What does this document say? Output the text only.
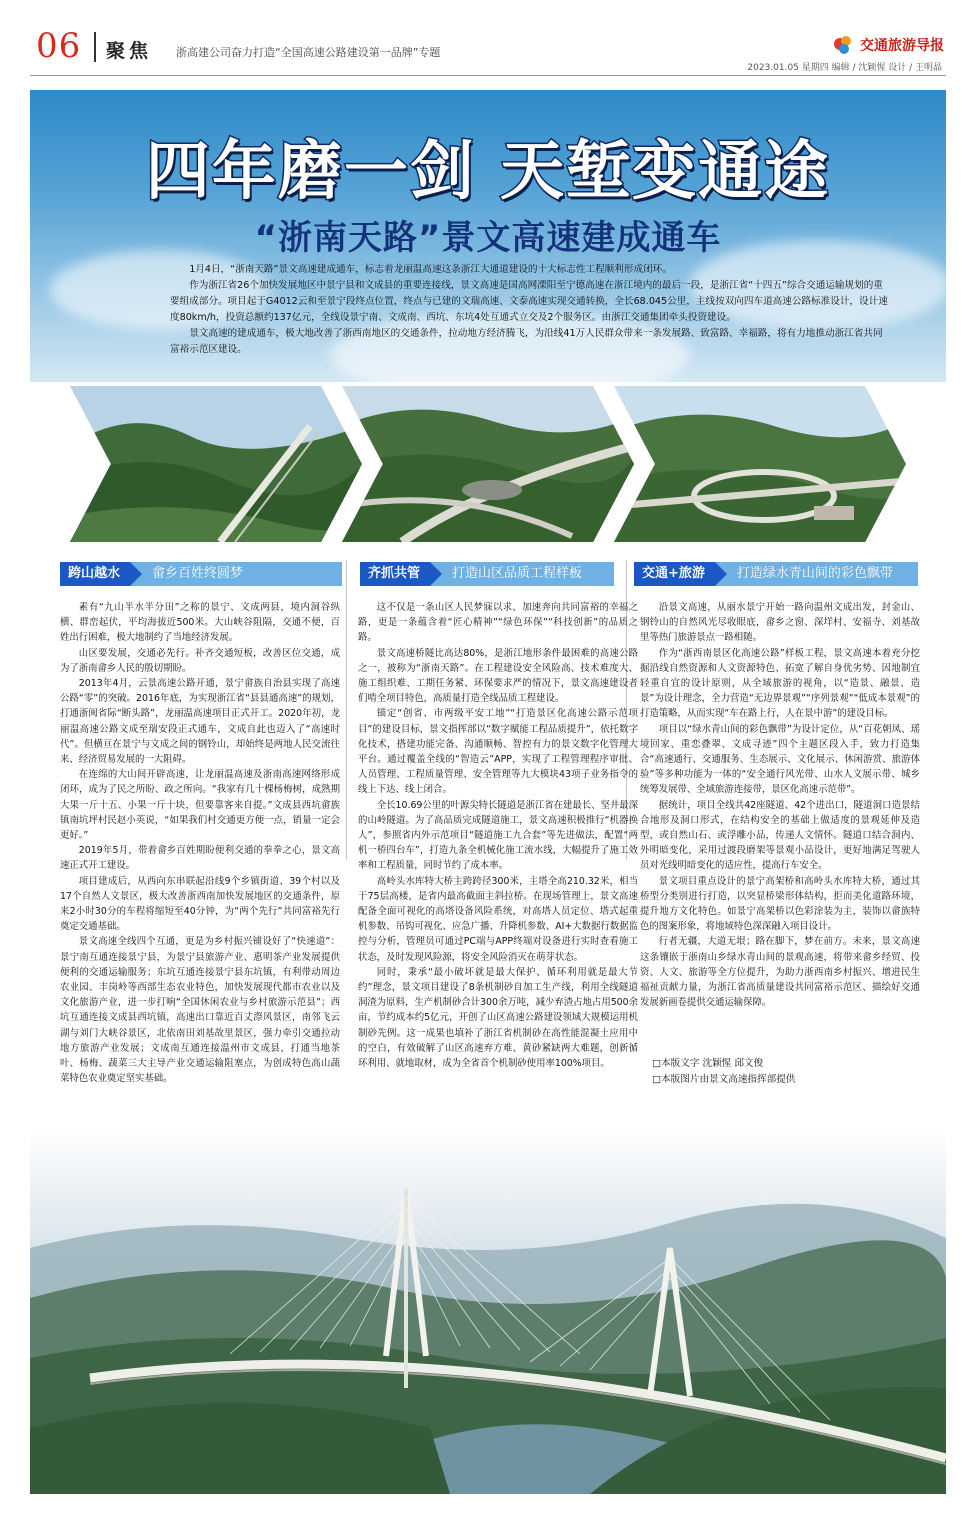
06 聚焦 浙高建公司奋力打造“全国高速公路建设第一品牌”专题	交通旅游导报
2023.01.05 星期四 编辑 / 沈颖惺 设计 / 王明晶
四年磨一剑 天堑变通途
“浙南天路”景文高速建成通车

1月4日，“浙南天路”景文高速建成通车，标志着龙丽温高速这条浙江大通道建设的十大标志性工程顺利形成闭环。

作为浙江省26个加快发展地区中景宁县和文成县的重要连接线，景文高速是国高网溧阳至宁德高速在浙江境内的最后一段，是浙江省“十四五”综合交通运输规划的重要组成部分。项目起于G4012云和至景宁段终点位置，终点与已建的文瑞高速、文泰高速实现交通转换，全长68.045公里，主线按双向四车道高速公路标准设计，设计速度80km/h，投资总额约137亿元，全线设景宁南、文成南、西坑、东坑4处互通式立交及2个服务区。由浙江交通集团牵头投资建设。

景文高速的建成通车，极大地改善了浙西南地区的交通条件，拉动地方经济腾飞，为沿线41万人民群众带来一条发展路、致富路、幸福路，将有力地推动浙江省共同富裕示范区建设。

跨山越水	畲乡百姓终圆梦	齐抓共管	打造山区品质工程样板	交通+旅游	打造绿水青山间的彩色飘带

素有“九山半水半分田”之称的景宁、文成两县，境内洞谷纵横、群峦起伏，平均海拔近500米。大山峡谷阻隔，交通不便，百姓出行困难，极大地制约了当地经济发展。

山区要发展，交通必先行。补齐交通短板，改善区位交通，成为了浙南畲乡人民的殷切期盼。

2013年4月，云景高速公路开通，景宁畲族自治县实现了高速公路“零”的突破。2016年底，为实现浙江省“县县通高速”的规划，打通浙闽省际“断头路”，龙丽温高速项目正式开工。2020年初，龙丽温高速公路文成至瑞安段正式通车，文成自此也迈入了“高速时代”。但横亘在景宁与文成之间的钢铃山，却始终是两地人民交流往来、经济贸易发展的一大阻碍。

在连绵的大山间开辟高速，让龙丽温高速及浙南高速网络形成闭环，成为了民之所盼、政之所向。“我家有几十棵杨梅树，成熟期大果一斤十五、小果一斤十块，但要靠客来自提。”文成县西坑畲族镇南坑坪村民赵小英说，“如果我们村交通更方便一点，销量一定会更好。”

2019年5月，带着畲乡百姓期盼便利交通的拳拳之心，景文高速正式开工建设。

项目建成后，从西向东串联起沿线9个乡镇街道、39个村以及17个自然人文景区，极大改善浙西南加快发展地区的交通条件，原来2小时30分的车程将缩短至40分钟，为“两个先行”共同富裕先行奠定交通基础。

景文高速全线四个互通，更是为乡村振兴铺设好了“快速道”：景宁南互通连接景宁县，为景宁县旅游产业、惠明茶产业发展提供便利的交通运输服务；东坑互通连接景宁县东坑镇，有利带动周边农业园、丰岗岭等西部生态农业特色，加快发展现代都市农业以及文化旅游产业，进一步打响“全国休闲农业与乡村旅游示范县”；西坑互通连接文成县西坑镇，高速出口靠近百丈漈风景区，南邻飞云湖与刘门大峡谷景区，北依南田刘基故里景区，强力牵引交通拉动地方旅游产业发展；文成南互通连接温州市文成县，打通当地茶叶、杨梅、蔬菜三大主导产业交通运输阻塞点，为创成特色高山蔬菜特色农业奠定坚实基础。

这不仅是一条山区人民梦寐以求、加速奔向共同富裕的幸福之路，更是一条蕴含着“匠心精神”“绿色环保”“科技创新”的品质之路。

景文高速桥隧比高达80%，是浙江地形条件最困难的高速公路之一，被称为“浙南天路”。在工程建设安全风险高、技术难度大、施工组织难、工期任务紧、环保要求严的情况下，景文高速建设者们啃全项目特色，高质量打造全线品质工程建设。

锚定“创省、市两级平安工地”“打造景区化高速公路示范项目”的建设目标，景文指挥部以“数字赋能工程品质提升”，依托数字化技术，搭建功能完备、沟通顺畅、智控有力的景文数字化管理大平台。通过覆盖全线的“智造云”APP，实现了工程管理程序审批、人员管理、工程质量管理、安全管理等九大模块43项子业务指令的线上下达、线上闭合。

全长10.69公里的叶源尖特长隧道是浙江省在建最长、坚井最深的山岭隧道。为了高品质完成隧道施工，景文高速积极推行“机器换人”，参照省内外示范项目“隧道施工九合套”等先进做法，配置“两机一桥四台车”，打造九条全机械化施工流水线，大幅提升了施工效率和工程质量，同时节约了成本率。

高岭头水库特大桥主跨跨径300米，主塔全高210.32米，相当于75层高楼，是省内最高截面主斜拉桥。在现场管理上，景文高速配备全面可视化的高塔设备风险系统，对高塔人员定位、塔式起重机参数、吊钩可视化、应急广播、升降机参数、AI+大数据行数据监控与分析，管理员可通过PC端与APP终端对设备进行实时查看施工状态，及时发现风险源，将安全风险消灭在萌芽状态。

同时，秉承“最小破坏就是最大保护、循环利用就是最大节约”理念，景文项目建设了8条机制砂自加工生产线，利用全线隧道洞渣为原料，生产机制砂合计300余万吨，减少弃渣占地占用500余亩，节约成本约5亿元，开创了山区高速公路建设领域大规模运用机制砂先例。这一成果也填补了浙江省机制砂在高性能混凝土应用中的空白，有效破解了山区高速弃方难、黄砂紧缺两大难题，创新循环利用、就地取材，成为全省首个机制砂使用率100%项目。

沿景文高速，从丽水景宁开始一路向温州文成出发，封金山、钢铃山的自然风光尽收眼底，畲乡之窗、深垟村、安福寺、刘基故里等热门旅游景点一路相随。

作为“浙西南景区化高速公路”样板工程，景文高速本着充分挖掘沿线自然资源和人文资源特色、拓宽了解自身优劣势、因地制宜轻重自宜的设计原则，从全域旅游的视角，以“造景、融景、造景”为设计理念，全力营造“无边界景观”“序列景观”“低成本景观”的打造策略，从而实现“车在路上行，人在景中游”的建设目标。

项目以“绿水青山间的彩色飘带”为设计定位，从“百花朝凤、瑶境回家、重恋叠翠、文成寻迹”四个主题区段入手，致力打造集合“高速通行、交通服务、生态展示、文化展示、休闲游赏、旅游体验”等多种功能为一体的“安全通行风光带、山水人文展示带、城乡统筹发展带、全域旅游连接带，景区化高速示范带”。

据统计，项目全线共42座隧道、42个进出口，隧道洞口造景结合地形及洞口形式，在结构安全的基础上做适度的景观延伸及造型，或自然山石、或浮雕小品，传递人文情怀。隧道口结合洞内、外明暗变化，采用过渡段磨架等景观小品设计，更好地满足驾驶人员对光线明暗变化的适应性，提高行车安全。

景文项目重点设计的景宁高架桥和高岭头水库特大桥，通过其桥型分类别进行打造，以突显桥梁形体结构，拒而美化道路环境，提升地方文化特色。如景宁高架桥以色彩涂装为主，装饰以畲族特色的图案形象，将地域特色深深融入项目设计。

行者无疆，大道无垠；路在脚下，梦在前方。未来，景文高速这条镶嵌于浙南山乡绿水青山间的景观高速，将带来畲乡经贸、投资、人文、旅游等全方位提升，为助力浙西南乡村振兴、增进民生福祉贡献力量，为浙江省高质量建设共同富裕示范区、描绘好交通发展新画卷提供交通运输保障。

□本版文字 沈颖惺 邱文俊
□本版图片由景文高速指挥部提供
